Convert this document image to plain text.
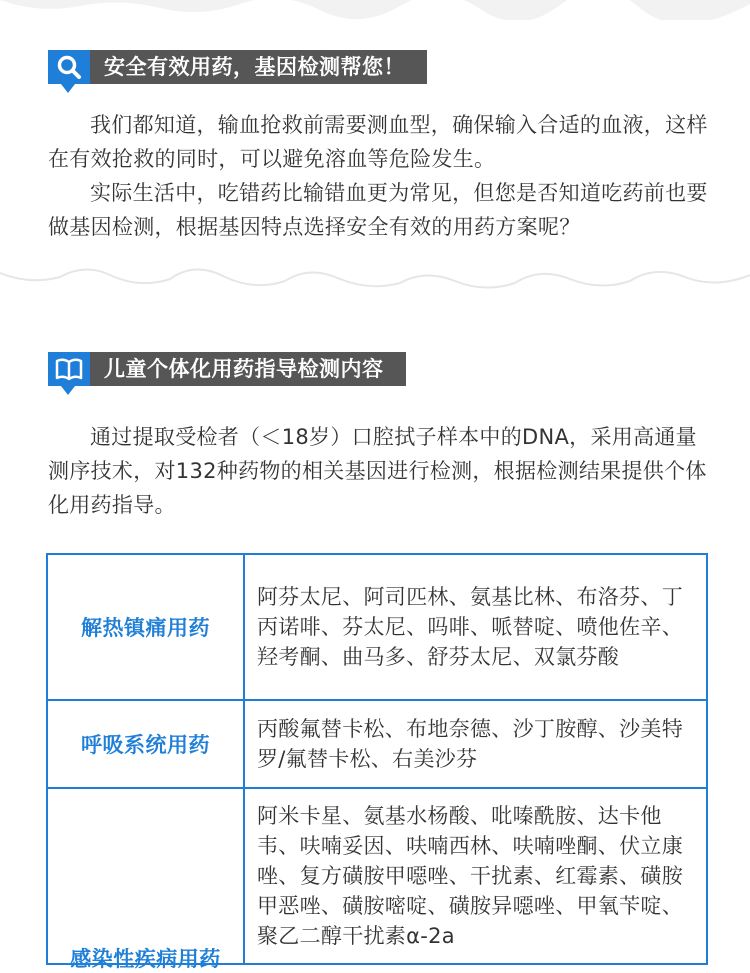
安全有效用药，基因检测帮您！

我们都知道，输血抢救前需要测血型，确保输入合适的血液，这样在有效抢救的同时，可以避免溶血等危险发生。

实际生活中，吃错药比输错血更为常见，但您是否知道吃药前也要做基因检测，根据基因特点选择安全有效的用药方案呢？

儿童个体化用药指导检测内容

通过提取受检者（＜18岁）口腔拭子样本中的DNA，采用高通量测序技术，对132种药物的相关基因进行检测，根据检测结果提供个体化用药指导。

解热镇痛用药	阿芬太尼、阿司匹林、氨基比林、布洛芬、丁丙诺啡、芬太尼、吗啡、哌替啶、喷他佐辛、羟考酮、曲马多、舒芬太尼、双氯芬酸
呼吸系统用药	丙酸氟替卡松、布地奈德、沙丁胺醇、沙美特罗/氟替卡松、右美沙芬
感染性疾病用药	阿米卡星、氨基水杨酸、吡嗪酰胺、达卡他韦、呋喃妥因、呋喃西林、呋喃唑酮、伏立康唑、复方磺胺甲噁唑、干扰素、红霉素、磺胺甲恶唑、磺胺嘧啶、磺胺异噁唑、甲氧苄啶、聚乙二醇干扰素α-2a
